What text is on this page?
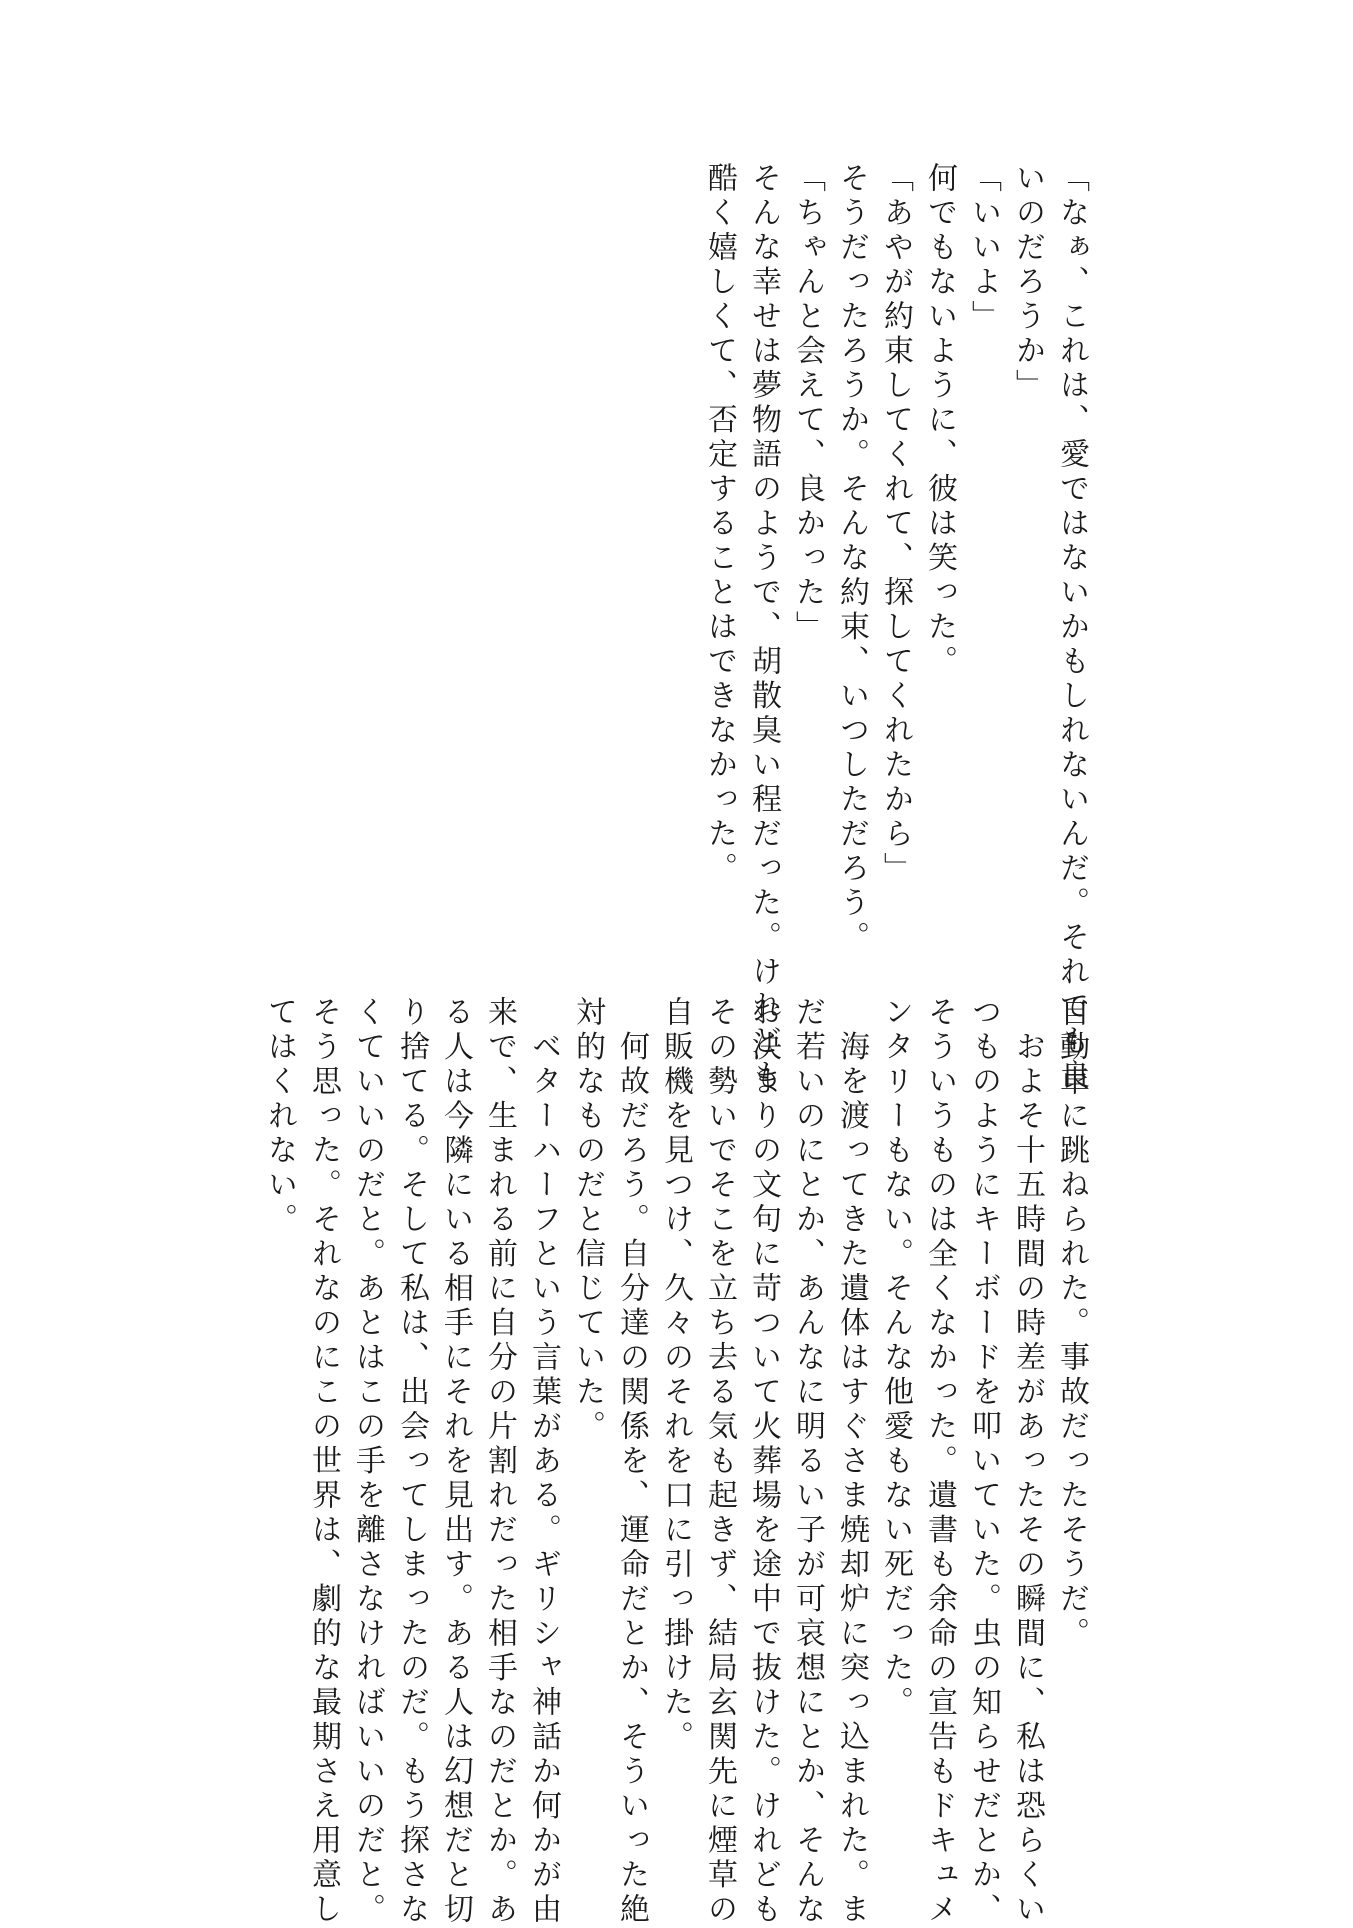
「なぁ、これは、愛ではないかもしれないんだ。それでも良

いのだろうか」

「いいよ」

何でもないように、彼は笑った。

「あやが約束してくれて、探してくれたから」

そうだったろうか。そんな約束、いつしただろう。

「ちゃんと会えて、良かった」

そんな幸せは夢物語のようで、胡散臭い程だった。けれども

酷く嬉しくて、否定することはできなかった。

自動車に跳ねられた。事故だったそうだ。

　およそ十五時間の時差があったその瞬間に、私は恐らくい

つものようにキーボードを叩いていた。虫の知らせだとか、

そういうものは全くなかった。遺書も余命の宣告もドキュメ

ンタリーもない。そんな他愛もない死だった。

　海を渡ってきた遺体はすぐさま焼却炉に突っ込まれた。ま

だ若いのにとか、あんなに明るい子が可哀想にとか、そんな

お決まりの文句に苛ついて火葬場を途中で抜けた。けれども

その勢いでそこを立ち去る気も起きず、結局玄関先に煙草の

自販機を見つけ、久々のそれを口に引っ掛けた。

　何故だろう。自分達の関係を、運命だとか、そういった絶

対的なものだと信じていた。

　ベターハーフという言葉がある。ギリシャ神話か何かが由

来で、生まれる前に自分の片割れだった相手なのだとか。あ

る人は今隣にいる相手にそれを見出す。ある人は幻想だと切

り捨てる。そして私は、出会ってしまったのだ。もう探さな

くていいのだと。あとはこの手を離さなければいいのだと。

そう思った。それなのにこの世界は、劇的な最期さえ用意し

てはくれない。
